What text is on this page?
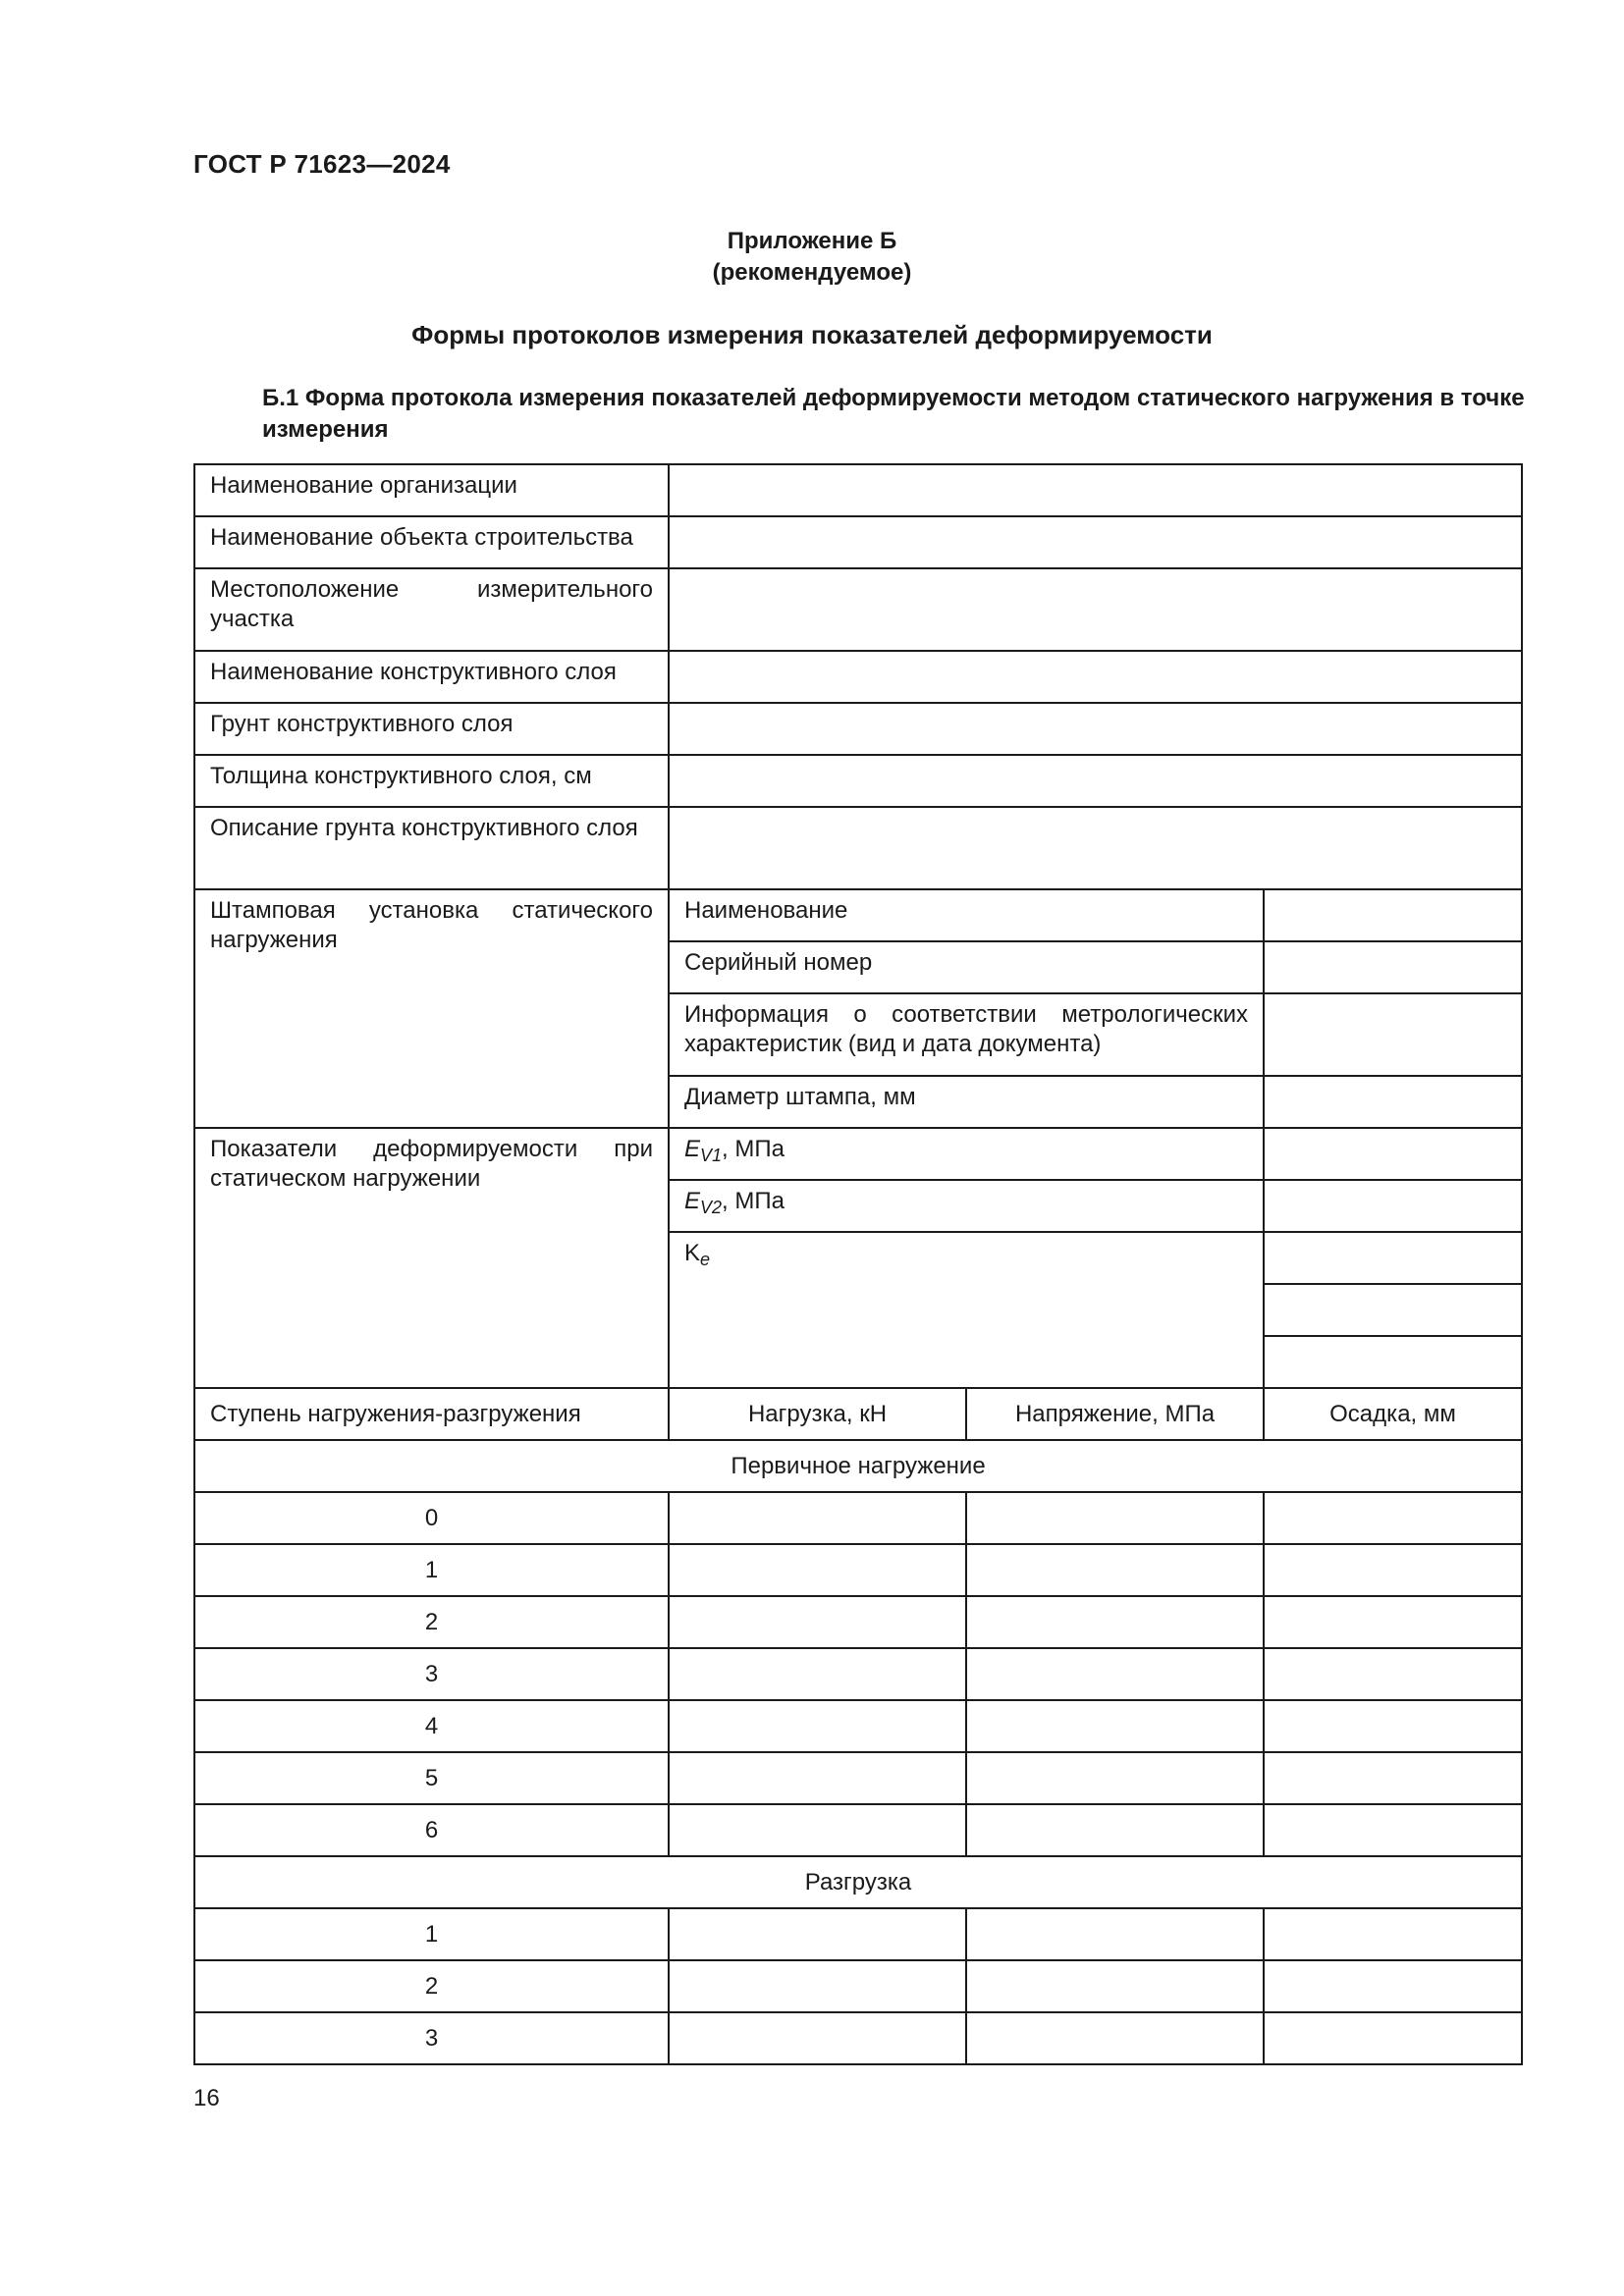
ГОСТ Р 71623—2024
Приложение Б
(рекомендуемое)
Формы протоколов измерения показателей деформируемости
Б.1 Форма протокола измерения показателей деформируемости методом статического нагружения в точке измерения
Наименование организации			
Наименование объекта строительства			
Местоположение измерительного участка			
Наименование конструктивного слоя			
Грунт конструктивного слоя			
Толщина конструктивного слоя, см			
Описание грунта конструктивного слоя			
Штамповая установка статического нагружения	Наименование		
	Серийный номер		
	Информация о соответствии метрологических характеристик (вид и дата документа)		
	Диаметр штампа, мм		
Показатели деформируемости при статическом нагружении	$E_{V1}$, МПа		
	$E_{V2}$, МПа		
	$K_e$	

Ступень нагружения-разгружения	Нагрузка, кН	Напряжение, МПа	Осадка, мм
Первичное нагружение			
0			
1			
2			
3			
4			
5			
6			
Разгрузка			
1			
2			
3			
16
